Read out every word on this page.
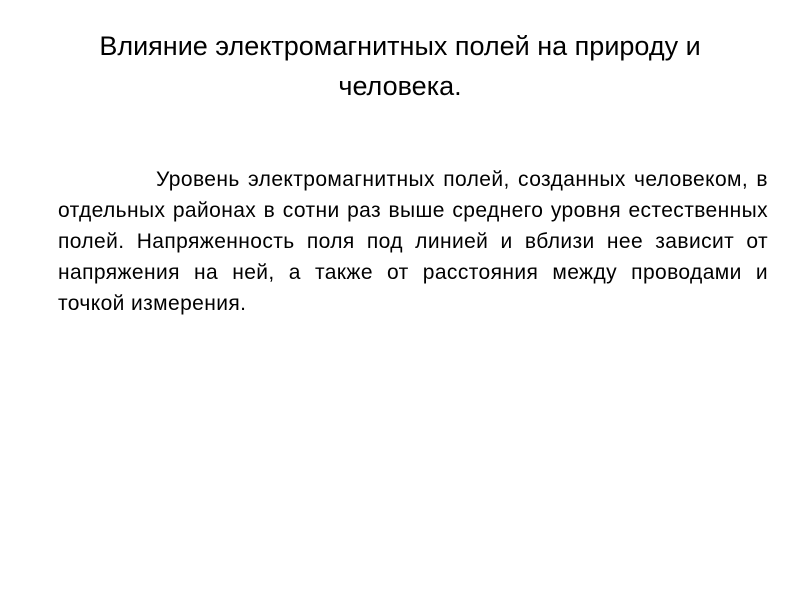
Влияние электромагнитных полей на природу и человека.

Уровень электромагнитных полей, созданных человеком, в отдельных районах в сотни раз выше среднего уровня естественных полей. Напряженность поля под линией и вблизи нее зависит от напряжения на ней, а также от расстояния между проводами и точкой измерения.
